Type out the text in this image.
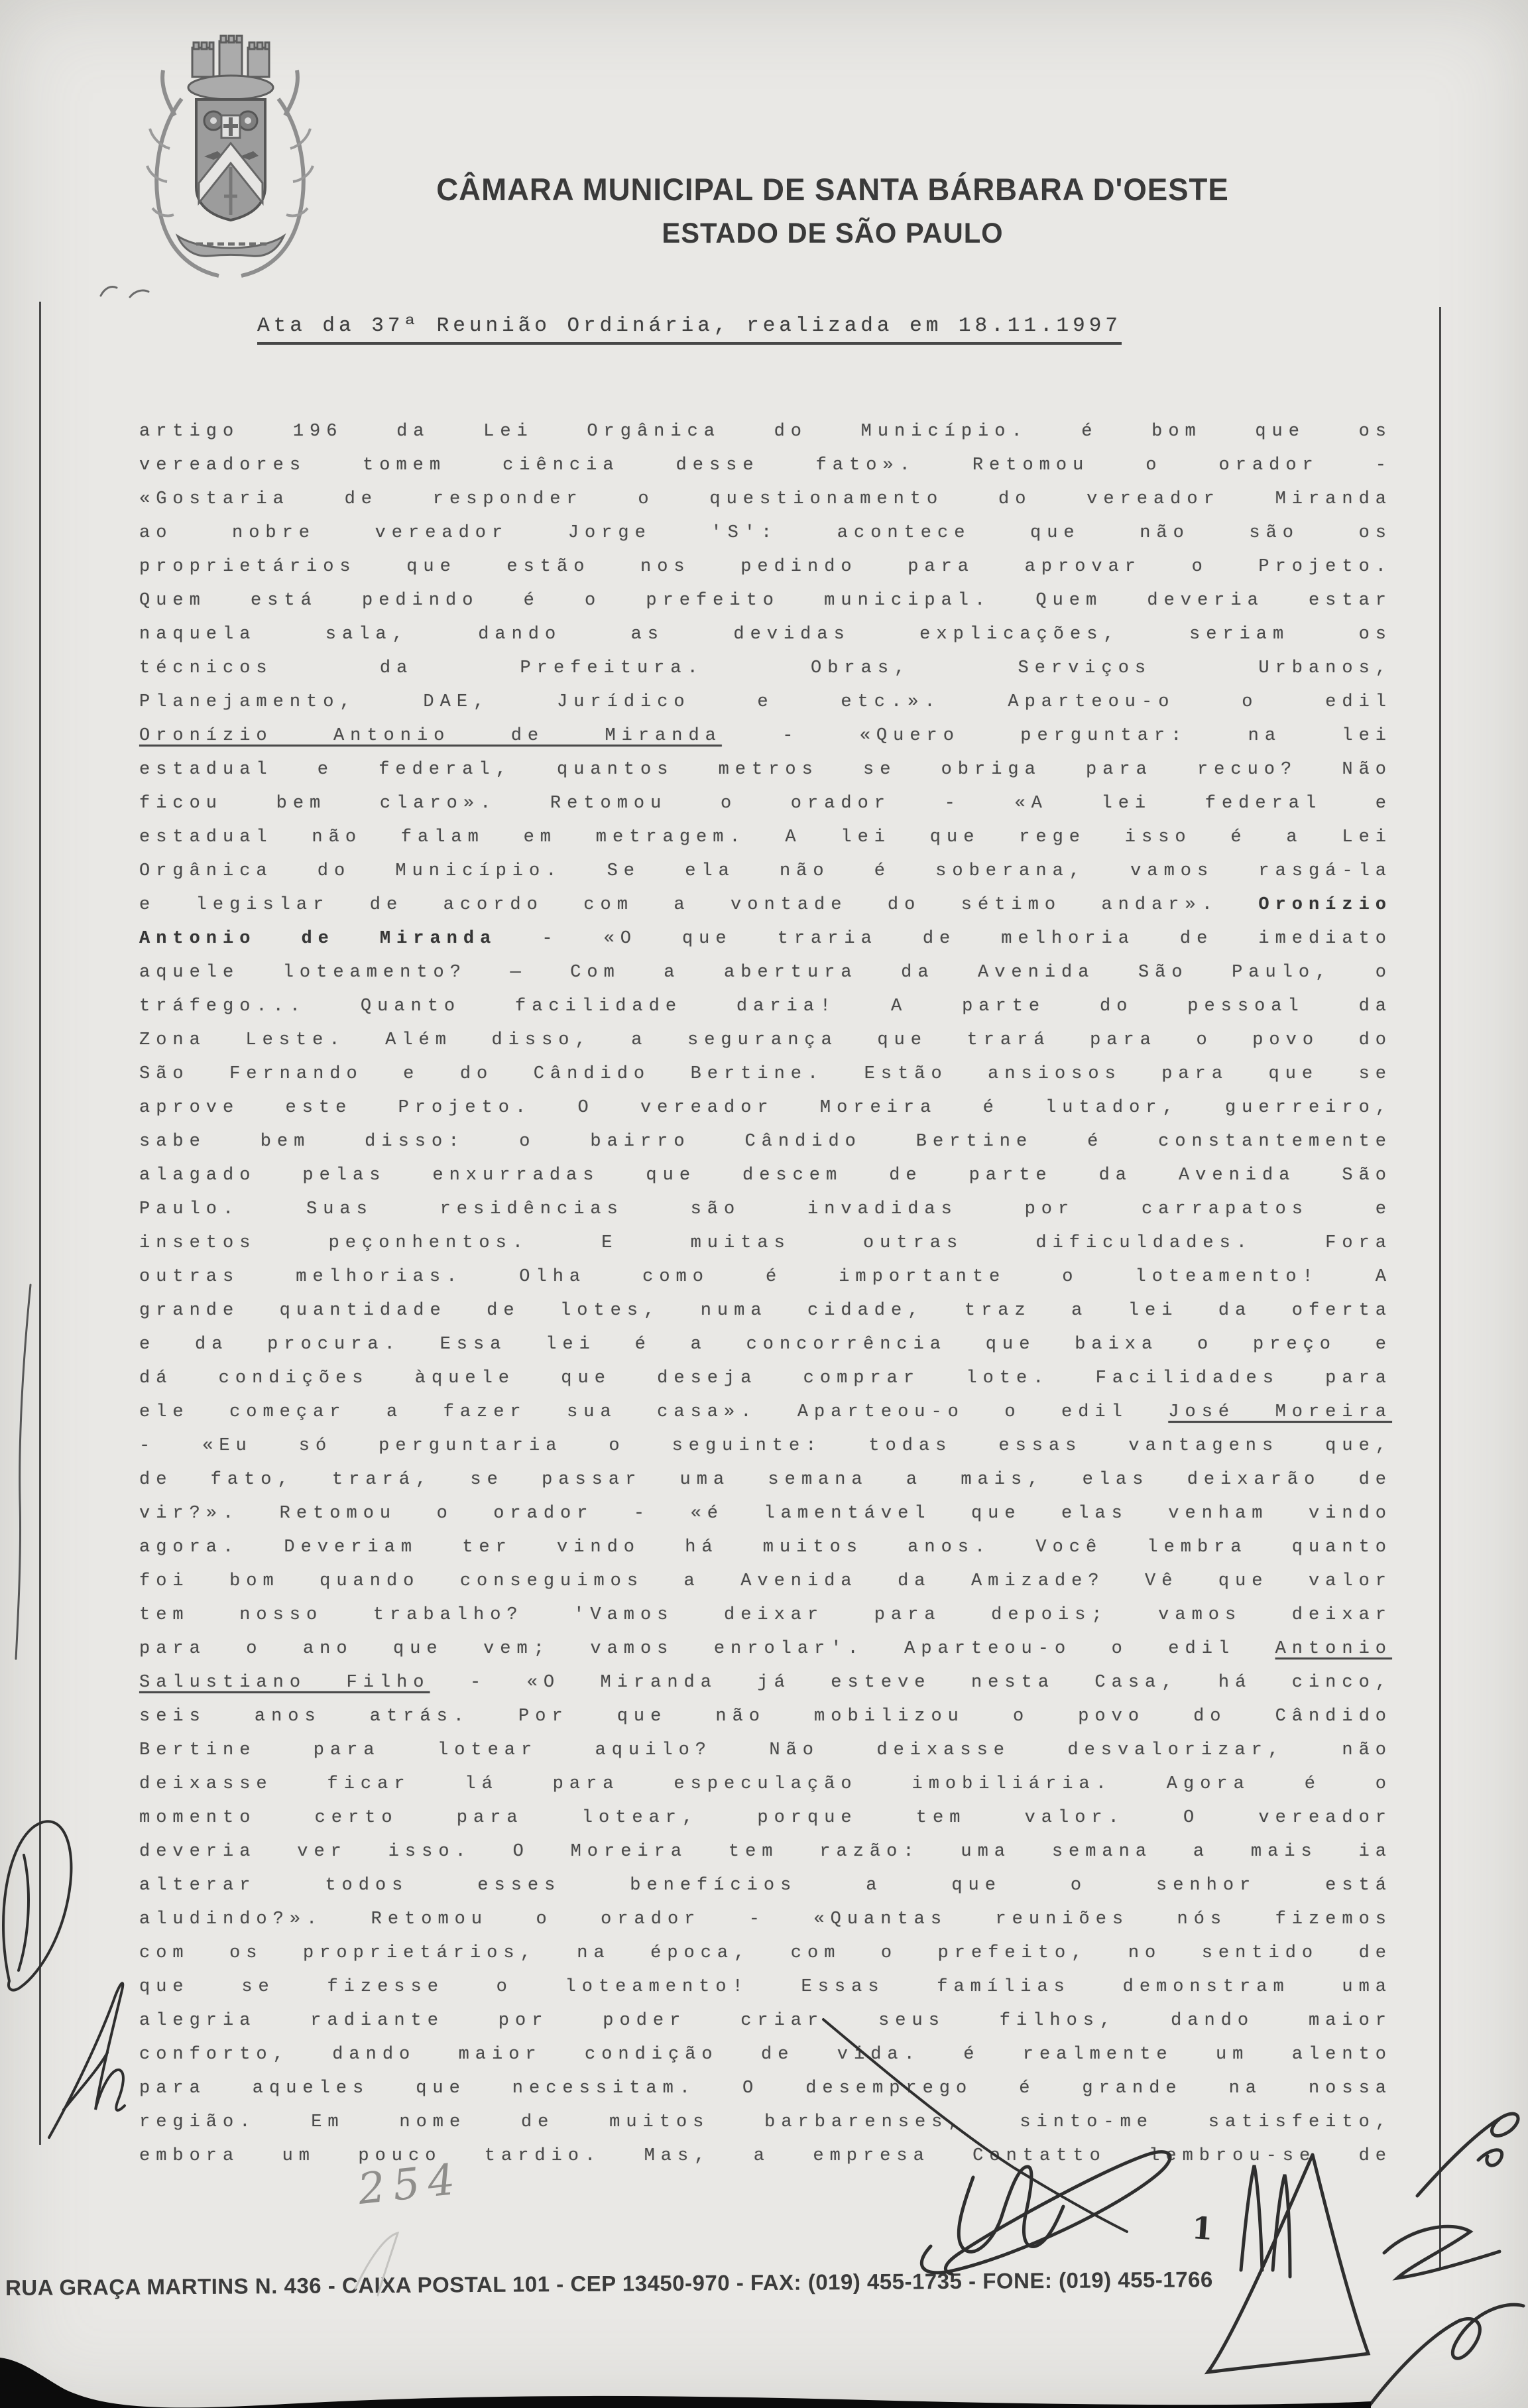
CÂMARA MUNICIPAL DE SANTA BÁRBARA D'OESTE
ESTADO DE SÃO PAULO
Ata da 37ª Reunião Ordinária, realizada em 18.11.1997
artigo 196 da Lei Orgânica do Município. é bom que os
vereadores tomem ciência desse fato». Retomou o orador -
«Gostaria de responder o questionamento do vereador Miranda
ao nobre vereador Jorge 'S': acontece que não são os
proprietários que estão nos pedindo para aprovar o Projeto.
Quem está pedindo é o prefeito municipal. Quem deveria estar
naquela sala, dando as devidas explicações, seriam os
técnicos da Prefeitura. Obras, Serviços Urbanos,
Planejamento, DAE, Jurídico e etc.». Aparteou-o o edil
Oronízio Antonio de Miranda - «Quero perguntar: na lei
estadual e federal, quantos metros se obriga para recuo? Não
ficou bem claro». Retomou o orador - «A lei federal e
estadual não falam em metragem. A lei que rege isso é a Lei
Orgânica do Município. Se ela não é soberana, vamos rasgá-la
e legislar de acordo com a vontade do sétimo andar». Oronízio
Antonio de Miranda - «O que traria de melhoria de imediato
aquele loteamento? — Com a abertura da Avenida São Paulo, o
tráfego... Quanto facilidade daria! A parte do pessoal da
Zona Leste. Além disso, a segurança que trará para o povo do
São Fernando e do Cândido Bertine. Estão ansiosos para que se
aprove este Projeto. O vereador Moreira é lutador, guerreiro,
sabe bem disso: o bairro Cândido Bertine é constantemente
alagado pelas enxurradas que descem de parte da Avenida São
Paulo. Suas residências são invadidas por carrapatos e
insetos peçonhentos. E muitas outras dificuldades. Fora
outras melhorias. Olha como é importante o loteamento! A
grande quantidade de lotes, numa cidade, traz a lei da oferta
e da procura. Essa lei é a concorrência que baixa o preço e
dá condições àquele que deseja comprar lote. Facilidades para
ele começar a fazer sua casa». Aparteou-o o edil José Moreira
- «Eu só perguntaria o seguinte: todas essas vantagens que,
de fato, trará, se passar uma semana a mais, elas deixarão de
vir?». Retomou o orador - «é lamentável que elas venham vindo
agora. Deveriam ter vindo há muitos anos. Você lembra quanto
foi bom quando conseguimos a Avenida da Amizade? Vê que valor
tem nosso trabalho? 'Vamos deixar para depois; vamos deixar
para o ano que vem; vamos enrolar'. Aparteou-o o edil Antonio
Salustiano Filho - «O Miranda já esteve nesta Casa, há cinco,
seis anos atrás. Por que não mobilizou o povo do Cândido
Bertine para lotear aquilo? Não deixasse desvalorizar, não
deixasse ficar lá para especulação imobiliária. Agora é o
momento certo para lotear, porque tem valor. O vereador
deveria ver isso. O Moreira tem razão: uma semana a mais ia
alterar todos esses benefícios a que o senhor está
aludindo?». Retomou o orador - «Quantas reuniões nós fizemos
com os proprietários, na época, com o prefeito, no sentido de
que se fizesse o loteamento! Essas famílias demonstram uma
alegria radiante por poder criar seus filhos, dando maior
conforto, dando maior condição de vida. é realmente um alento
para aqueles que necessitam. O desemprego é grande na nossa
região. Em nome de muitos barbarenses, sinto-me satisfeito,
embora um pouco tardio. Mas, a empresa Contatto lembrou-se de
254
1
RUA GRAÇA MARTINS N. 436 - CAIXA POSTAL 101 - CEP 13450-970 - FAX: (019) 455-1735 - FONE: (019) 455-1766
